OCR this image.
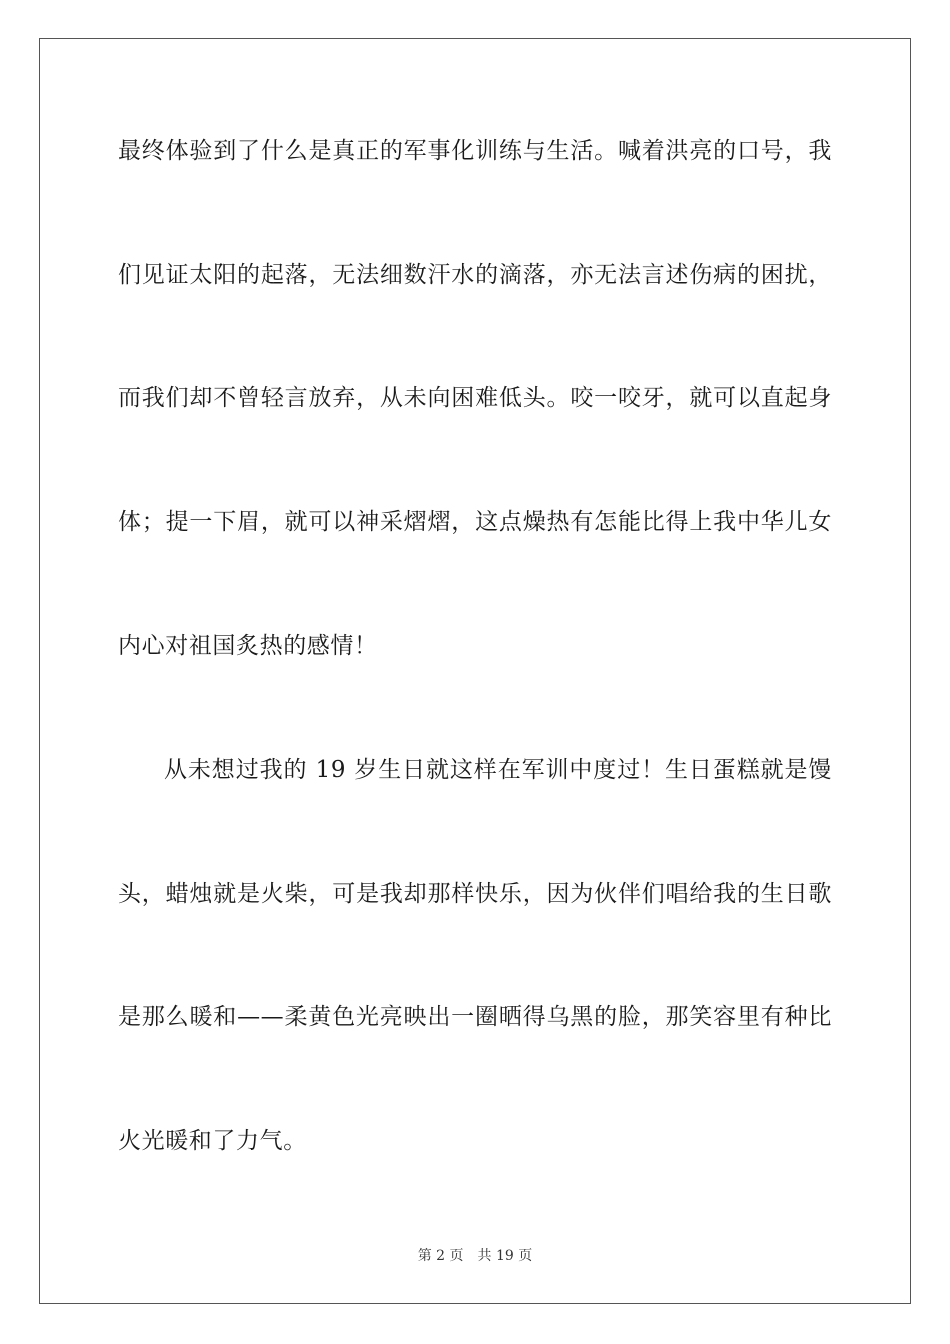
最终体验到了什么是真正的军事化训练与生活。喊着洪亮的口号，我
们见证太阳的起落，无法细数汗水的滴落，亦无法言述伤病的困扰，
而我们却不曾轻言放弃，从未向困难低头。咬一咬牙，就可以直起身
体；提一下眉，就可以神采熠熠，这点燥热有怎能比得上我中华儿女
内心对祖国炙热的感情！
从未想过我的 19 岁生日就这样在军训中度过！生日蛋糕就是馒
头，蜡烛就是火柴，可是我却那样快乐，因为伙伴们唱给我的生日歌
是那么暖和——柔黄色光亮映出一圈晒得乌黑的脸，那笑容里有种比
火光暖和了力气。
第 2 页 共 19 页
